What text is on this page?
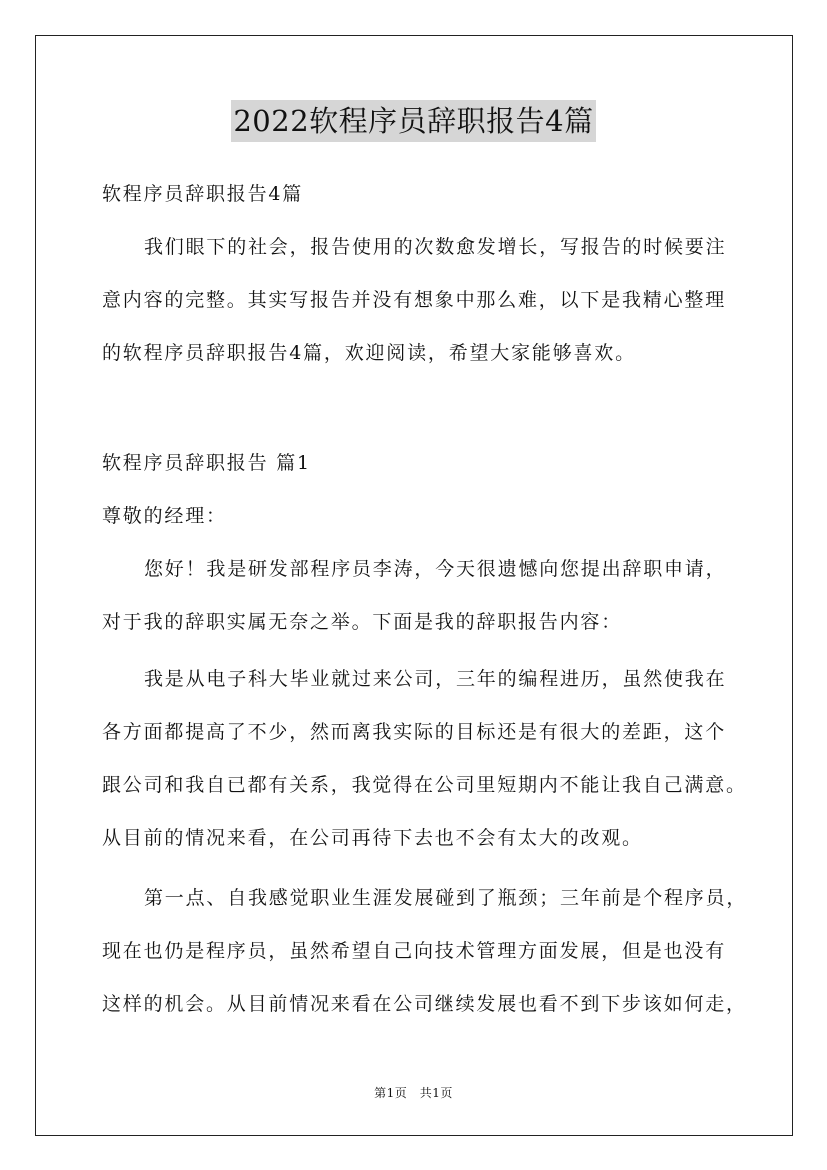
2022软程序员辞职报告4篇

软程序员辞职报告4篇

我们眼下的社会，报告使用的次数愈发增长，写报告的时候要注
意内容的完整。其实写报告并没有想象中那么难，以下是我精心整理
的软程序员辞职报告4篇，欢迎阅读，希望大家能够喜欢。

软程序员辞职报告 篇1

尊敬的经理：

您好！我是研发部程序员李涛，今天很遗憾向您提出辞职申请，
对于我的辞职实属无奈之举。下面是我的辞职报告内容：

我是从电子科大毕业就过来公司，三年的编程进历，虽然使我在
各方面都提高了不少，然而离我实际的目标还是有很大的差距，这个
跟公司和我自已都有关系，我觉得在公司里短期内不能让我自己满意。
从目前的情况来看，在公司再待下去也不会有太大的改观。

第一点、自我感觉职业生涯发展碰到了瓶颈；三年前是个程序员，
现在也仍是程序员，虽然希望自己向技术管理方面发展，但是也没有
这样的机会。从目前情况来看在公司继续发展也看不到下步该如何走，

第1页　共1页
